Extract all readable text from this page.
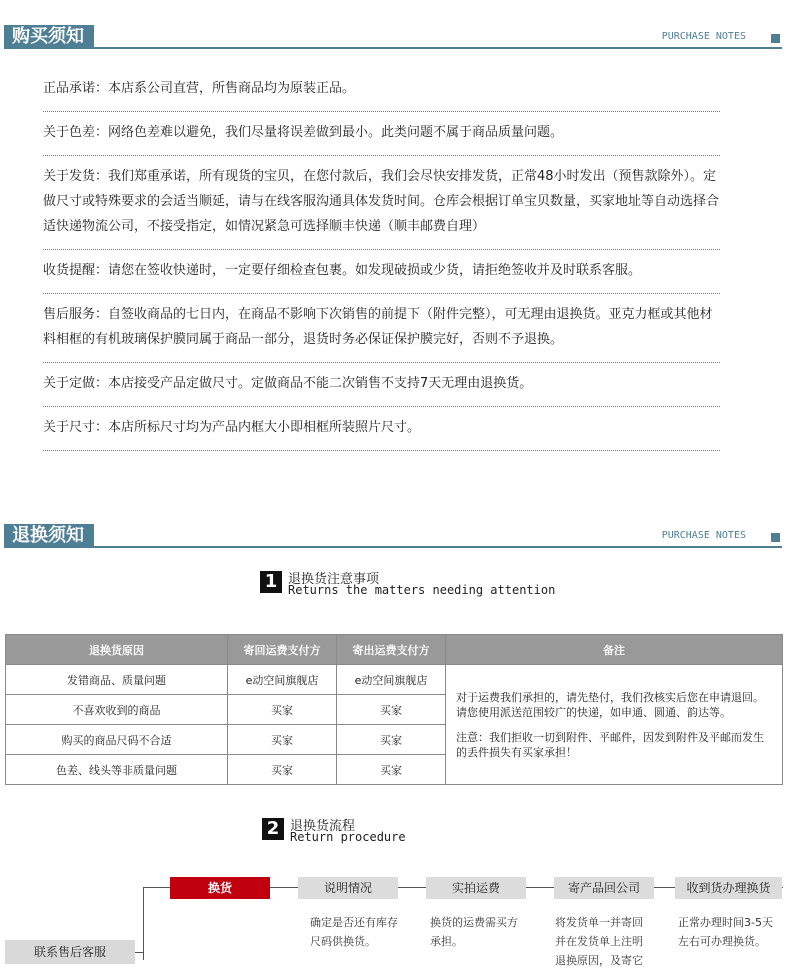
购买须知	PURCHASE NOTES
正品承诺：本店系公司直营，所售商品均为原装正品。
关于色差：网络色差难以避免，我们尽量将误差做到最小。此类问题不属于商品质量问题。
关于发货：我们郑重承诺，所有现货的宝贝，在您付款后，我们会尽快安排发货，正常48小时发出（预售款除外）。定做尺寸或特殊要求的会适当顺延，请与在线客服沟通具体发货时间。仓库会根据订单宝贝数量，买家地址等自动选择合适快递物流公司，不接受指定，如情况紧急可选择顺丰快递（顺丰邮费自理）
收货提醒：请您在签收快递时，一定要仔细检查包裹。如发现破损或少货，请拒绝签收并及时联系客服。
售后服务：自签收商品的七日内，在商品不影响下次销售的前提下（附件完整），可无理由退换货。亚克力框或其他材料相框的有机玻璃保护膜同属于商品一部分，退货时务必保证保护膜完好，否则不予退换。
关于定做：本店接受产品定做尺寸。定做商品不能二次销售不支持7天无理由退换货。
关于尺寸：本店所标尺寸均为产品内框大小即相框所装照片尺寸。
退换须知	PURCHASE NOTES
1 退换货注意事项
Returns the matters needing attention
退换货原因	寄回运费支付方	寄出运费支付方	备注
发错商品、质量问题	e动空间旗舰店	e动空间旗舰店	对于运费我们承担的，请先垫付，我们孜核实后您在申请退回。请您使用派送范围较广的快递，如申通、圆通、韵达等。

注意：我们拒收一切到附件、平邮件，因发到附件及平邮而发生的丢件损失有买家承担！

不喜欢收到的商品	买家	买家	
购买的商品尺码不合适	买家	买家	
色差、线头等非质量问题	买家	买家	
2 退换货流程
Return procedure
换货	说明情况	实拍运费	寄产品回公司	收到货办理换货
确定是否还有库存尺码供换货。
换货的运费需买方承担。
将发货单一并寄回并在发货单上注明退换原因，及寄它
正常办理时间3-5天左右可办理换货。
联系售后客服
